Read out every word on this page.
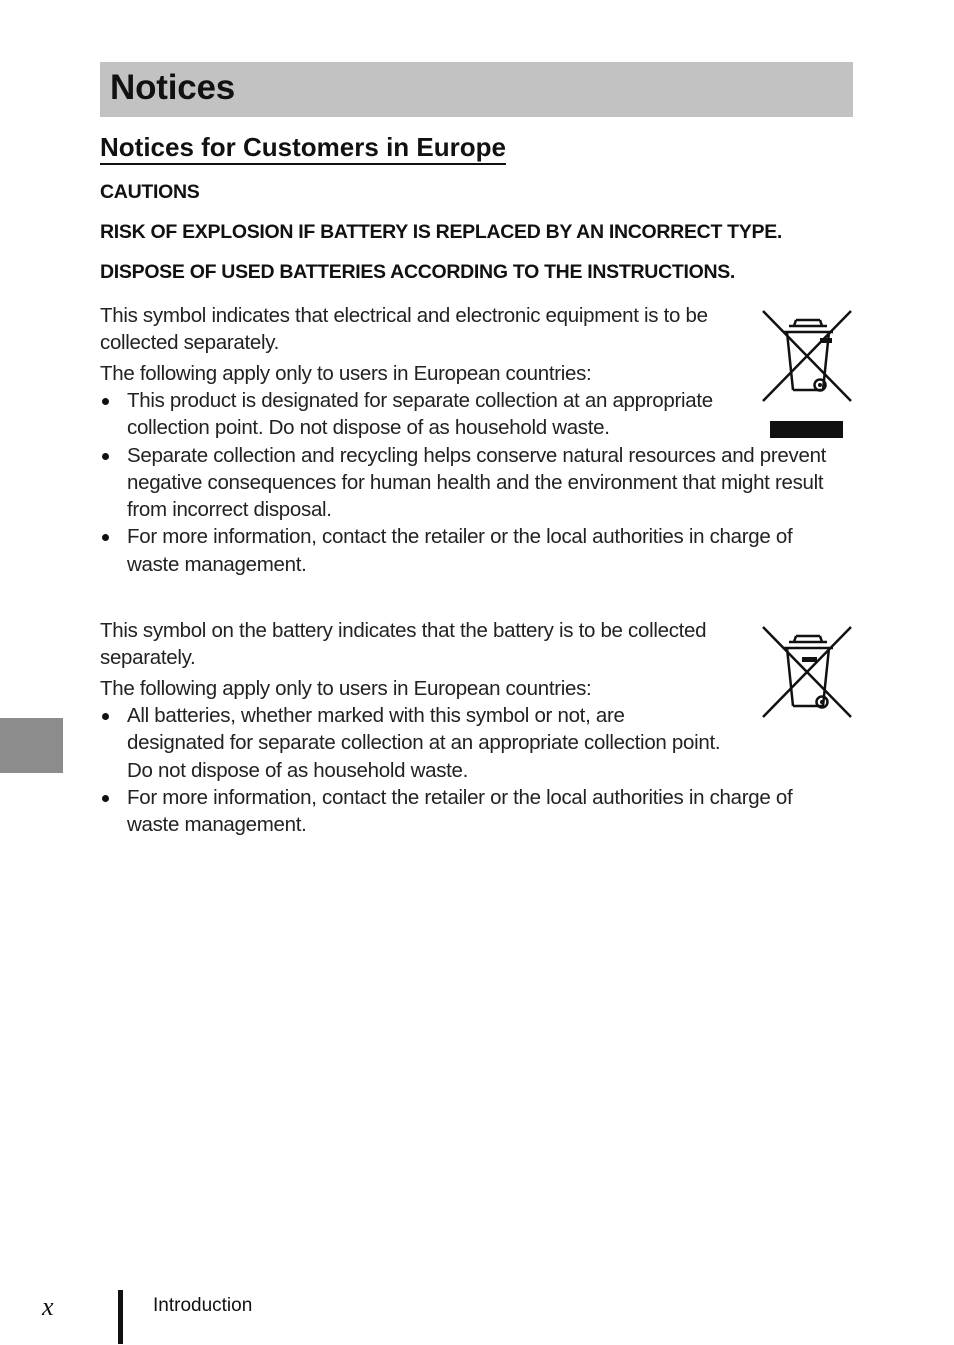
Notices
Notices for Customers in Europe

CAUTIONS

RISK OF EXPLOSION IF BATTERY IS REPLACED BY AN INCORRECT TYPE.

DISPOSE OF USED BATTERIES ACCORDING TO THE INSTRUCTIONS.

This symbol indicates that electrical and electronic equipment is to be collected separately.
The following apply only to users in European countries:
This product is designated for separate collection at an appropriate collection point. Do not dispose of as household waste.
Separate collection and recycling helps conserve natural resources and prevent negative consequences for human health and the environment that might result from incorrect disposal.
For more information, contact the retailer or the local authorities in charge of waste management.
This symbol on the battery indicates that the battery is to be collected separately.
The following apply only to users in European countries:
All batteries, whether marked with this symbol or not, are designated for separate collection at an appropriate collection point. Do not dispose of as household waste.
For more information, contact the retailer or the local authorities in charge of waste management.
x	Introduction
